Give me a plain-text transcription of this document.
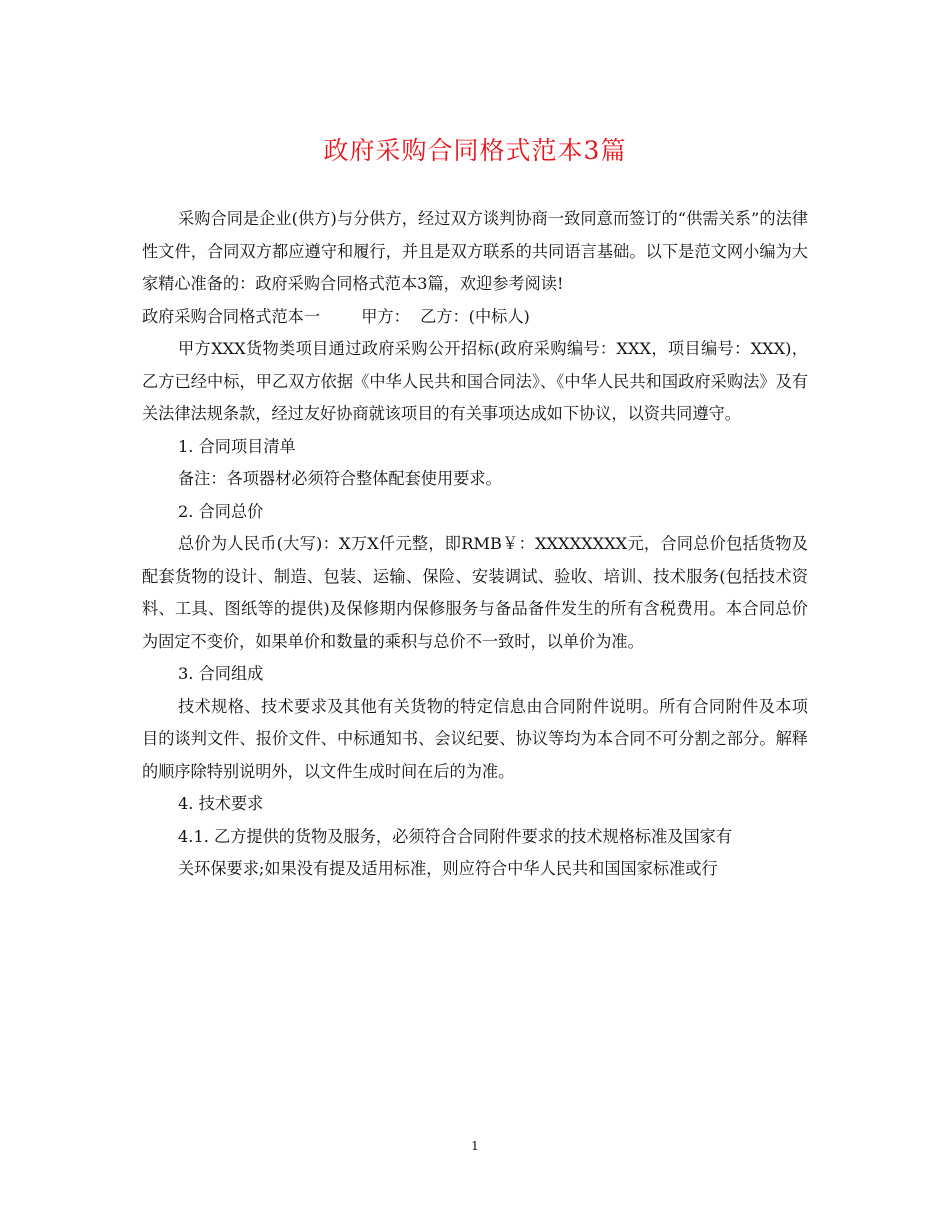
政府采购合同格式范本3篇

采购合同是企业(供方)与分供方，经过双方谈判协商一致同意而签订的“供需关系”的法律性文件，合同双方都应遵守和履行，并且是双方联系的共同语言基础。以下是范文网小编为大家精心准备的：政府采购合同格式范本3篇，欢迎参考阅读!

政府采购合同格式范本一        甲方：  乙方：(中标人)

甲方XXX货物类项目通过政府采购公开招标(政府采购编号：XXX，项目编号：XXX)，乙方已经中标，甲乙双方依据《中华人民共和国合同法》、《中华人民共和国政府采购法》及有关法律法规条款，经过友好协商就该项目的有关事项达成如下协议，以资共同遵守。

1. 合同项目清单

备注：各项器材必须符合整体配套使用要求。

2. 合同总价

总价为人民币(大写)：X万X仟元整，即RMB￥：XXXXXXXX元，合同总价包括货物及配套货物的设计、制造、包装、运输、保险、安装调试、验收、培训、技术服务(包括技术资料、工具、图纸等的提供)及保修期内保修服务与备品备件发生的所有含税费用。本合同总价为固定不变价，如果单价和数量的乘积与总价不一致时，以单价为准。

3. 合同组成

技术规格、技术要求及其他有关货物的特定信息由合同附件说明。所有合同附件及本项目的谈判文件、报价文件、中标通知书、会议纪要、协议等均为本合同不可分割之部分。解释的顺序除特别说明外，以文件生成时间在后的为准。

4. 技术要求

4.1. 乙方提供的货物及服务，必须符合合同附件要求的技术规格标准及国家有

关环保要求;如果没有提及适用标准，则应符合中华人民共和国国家标准或行

1
